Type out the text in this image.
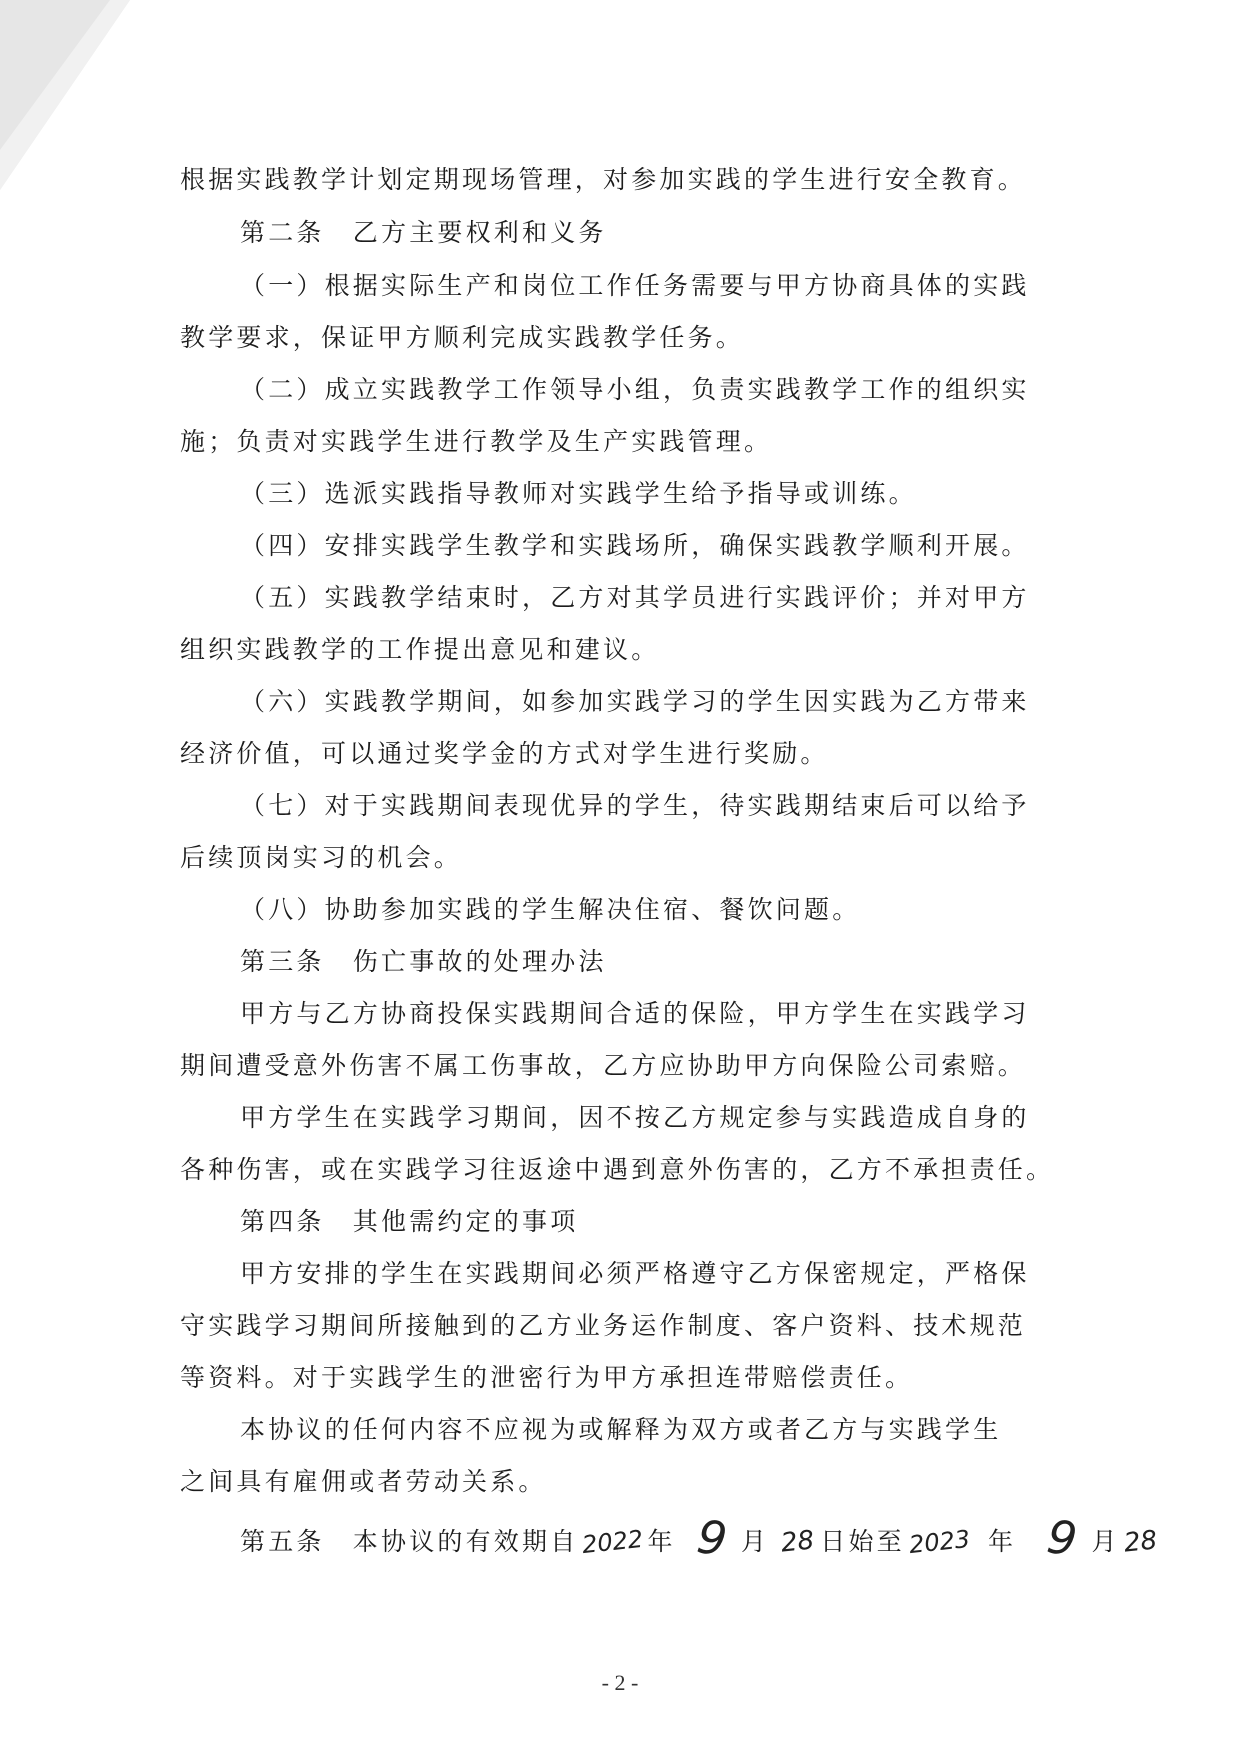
根据实践教学计划定期现场管理，对参加实践的学生进行安全教育。
第二条　乙方主要权利和义务
（一）根据实际生产和岗位工作任务需要与甲方协商具体的实践
教学要求，保证甲方顺利完成实践教学任务。
（二）成立实践教学工作领导小组，负责实践教学工作的组织实
施；负责对实践学生进行教学及生产实践管理。
（三）选派实践指导教师对实践学生给予指导或训练。
（四）安排实践学生教学和实践场所，确保实践教学顺利开展。
（五）实践教学结束时，乙方对其学员进行实践评价；并对甲方
组织实践教学的工作提出意见和建议。
（六）实践教学期间，如参加实践学习的学生因实践为乙方带来
经济价值，可以通过奖学金的方式对学生进行奖励。
（七）对于实践期间表现优异的学生，待实践期结束后可以给予
后续顶岗实习的机会。
（八）协助参加实践的学生解决住宿、餐饮问题。
第三条　伤亡事故的处理办法
甲方与乙方协商投保实践期间合适的保险，甲方学生在实践学习
期间遭受意外伤害不属工伤事故，乙方应协助甲方向保险公司索赔。
甲方学生在实践学习期间，因不按乙方规定参与实践造成自身的
各种伤害，或在实践学习往返途中遇到意外伤害的，乙方不承担责任。
第四条　其他需约定的事项
甲方安排的学生在实践期间必须严格遵守乙方保密规定，严格保
守实践学习期间所接触到的乙方业务运作制度、客户资料、技术规范
等资料。对于实践学生的泄密行为甲方承担连带赔偿责任。
本协议的任何内容不应视为或解释为双方或者乙方与实践学生
之间具有雇佣或者劳动关系。
第五条　本协议的有效期自 2022 年 9 月 28 日始至 2023 年 9 月28
- 2 -
